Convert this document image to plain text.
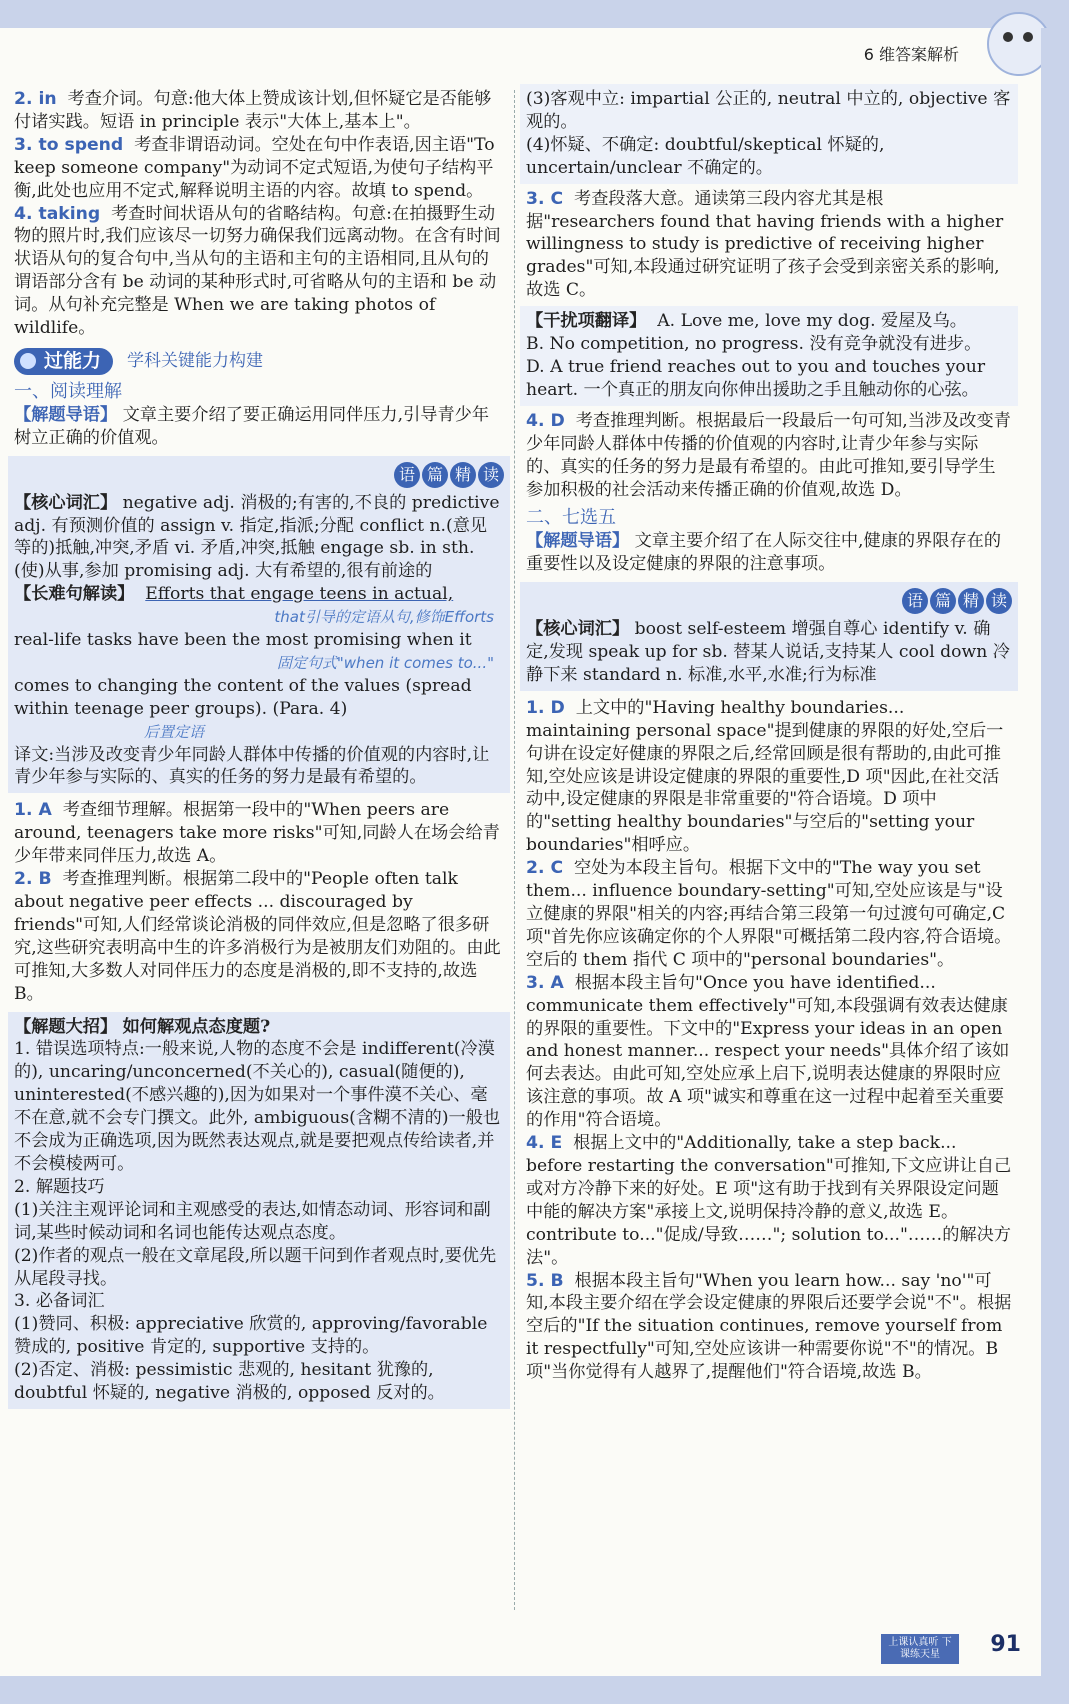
6 维答案解析
上课认真听 下课练天星	91

2. in 考查介词。句意:他大体上赞成该计划,但怀疑它是否能够付诸实践。短语 in principle 表示"大体上,基本上"。

3. to spend 考查非谓语动词。空处在句中作表语,因主语"To keep someone company"为动词不定式短语,为使句子结构平衡,此处也应用不定式,解释说明主语的内容。故填 to spend。

4. taking 考查时间状语从句的省略结构。句意:在拍摄野生动物的照片时,我们应该尽一切努力确保我们远离动物。在含有时间状语从句的复合句中,当从句的主语和主句的主语相同,且从句的谓语部分含有 be 动词的某种形式时,可省略从句的主语和 be 动词。从句补充完整是 When we are taking photos of wildlife。

过能力	学科关键能力构建
一、阅读理解

【解题导语】 文章主要介绍了要正确运用同伴压力,引导青少年树立正确的价值观。

语 篇 精 读

【核心词汇】 negative adj. 消极的;有害的,不良的 predictive adj. 有预测价值的 assign v. 指定,指派;分配 conflict n.(意见等的)抵触,冲突,矛盾 vi. 矛盾,冲突,抵触 engage sb. in sth.(使)从事,参加 promising adj. 大有希望的,很有前途的

【长难句解读】 Efforts that engage teens in actual,

that引导的定语从句,修饰Efforts

real-life tasks have been the most promising when it

固定句式"when it comes to..."

comes to changing the content of the values (spread

within teenage peer groups). (Para. 4)

后置定语

译文:当涉及改变青少年同龄人群体中传播的价值观的内容时,让青少年参与实际的、真实的任务的努力是最有希望的。

1. A 考查细节理解。根据第一段中的"When peers are around, teenagers take more risks"可知,同龄人在场会给青少年带来同伴压力,故选 A。

2. B 考查推理判断。根据第二段中的"People often talk about negative peer effects ... discouraged by friends"可知,人们经常谈论消极的同伴效应,但是忽略了很多研究,这些研究表明高中生的许多消极行为是被朋友们劝阻的。由此可推知,大多数人对同伴压力的态度是消极的,即不支持的,故选 B。

【解题大招】 如何解观点态度题?

1. 错误选项特点:一般来说,人物的态度不会是 indifferent(冷漠的), uncaring/unconcerned(不关心的), casual(随便的), uninterested(不感兴趣的),因为如果对一个事件漠不关心、毫不在意,就不会专门撰文。此外, ambiguous(含糊不清的)一般也不会成为正确选项,因为既然表达观点,就是要把观点传给读者,并不会模棱两可。

2. 解题技巧

(1)关注主观评论词和主观感受的表达,如情态动词、形容词和副词,某些时候动词和名词也能传达观点态度。

(2)作者的观点一般在文章尾段,所以题干问到作者观点时,要优先从尾段寻找。

3. 必备词汇

(1)赞同、积极: appreciative 欣赏的, approving/favorable 赞成的, positive 肯定的, supportive 支持的。

(2)否定、消极: pessimistic 悲观的, hesitant 犹豫的, doubtful 怀疑的, negative 消极的, opposed 反对的。

(3)客观中立: impartial 公正的, neutral 中立的, objective 客观的。

(4)怀疑、不确定: doubtful/skeptical 怀疑的, uncertain/unclear 不确定的。

3. C 考查段落大意。通读第三段内容尤其是根据"researchers found that having friends with a higher willingness to study is predictive of receiving higher grades"可知,本段通过研究证明了孩子会受到亲密关系的影响,故选 C。

【干扰项翻译】 A. Love me, love my dog. 爱屋及乌。

B. No competition, no progress. 没有竞争就没有进步。

D. A true friend reaches out to you and touches your heart. 一个真正的朋友向你伸出援助之手且触动你的心弦。

4. D 考查推理判断。根据最后一段最后一句可知,当涉及改变青少年同龄人群体中传播的价值观的内容时,让青少年参与实际的、真实的任务的努力是最有希望的。由此可推知,要引导学生参加积极的社会活动来传播正确的价值观,故选 D。

二、七选五

【解题导语】 文章主要介绍了在人际交往中,健康的界限存在的重要性以及设定健康的界限的注意事项。

语 篇 精 读

【核心词汇】 boost self-esteem 增强自尊心 identify v. 确定,发现 speak up for sb. 替某人说话,支持某人 cool down 冷静下来 standard n. 标准,水平,水准;行为标准

1. D 上文中的"Having healthy boundaries... maintaining personal space"提到健康的界限的好处,空后一句讲在设定好健康的界限之后,经常回顾是很有帮助的,由此可推知,空处应该是讲设定健康的界限的重要性,D 项"因此,在社交活动中,设定健康的界限是非常重要的"符合语境。D 项中的"setting healthy boundaries"与空后的"setting your boundaries"相呼应。

2. C 空处为本段主旨句。根据下文中的"The way you set them... influence boundary-setting"可知,空处应该是与"设立健康的界限"相关的内容;再结合第三段第一句过渡句可确定,C 项"首先你应该确定你的个人界限"可概括第二段内容,符合语境。空后的 them 指代 C 项中的"personal boundaries"。

3. A 根据本段主旨句"Once you have identified... communicate them effectively"可知,本段强调有效表达健康的界限的重要性。下文中的"Express your ideas in an open and honest manner... respect your needs"具体介绍了该如何去表达。由此可知,空处应承上启下,说明表达健康的界限时应该注意的事项。故 A 项"诚实和尊重在这一过程中起着至关重要的作用"符合语境。

4. E 根据上文中的"Additionally, take a step back... before restarting the conversation"可推知,下文应讲让自己或对方冷静下来的好处。E 项"这有助于找到有关界限设定问题中能的解决方案"承接上文,说明保持冷静的意义,故选 E。contribute to..."促成/导致……"; solution to..."……的解决方法"。

5. B 根据本段主旨句"When you learn how... say 'no'"可知,本段主要介绍在学会设定健康的界限后还要学会说"不"。根据空后的"If the situation continues, remove yourself from it respectfully"可知,空处应该讲一种需要你说"不"的情况。B 项"当你觉得有人越界了,提醒他们"符合语境,故选 B。
